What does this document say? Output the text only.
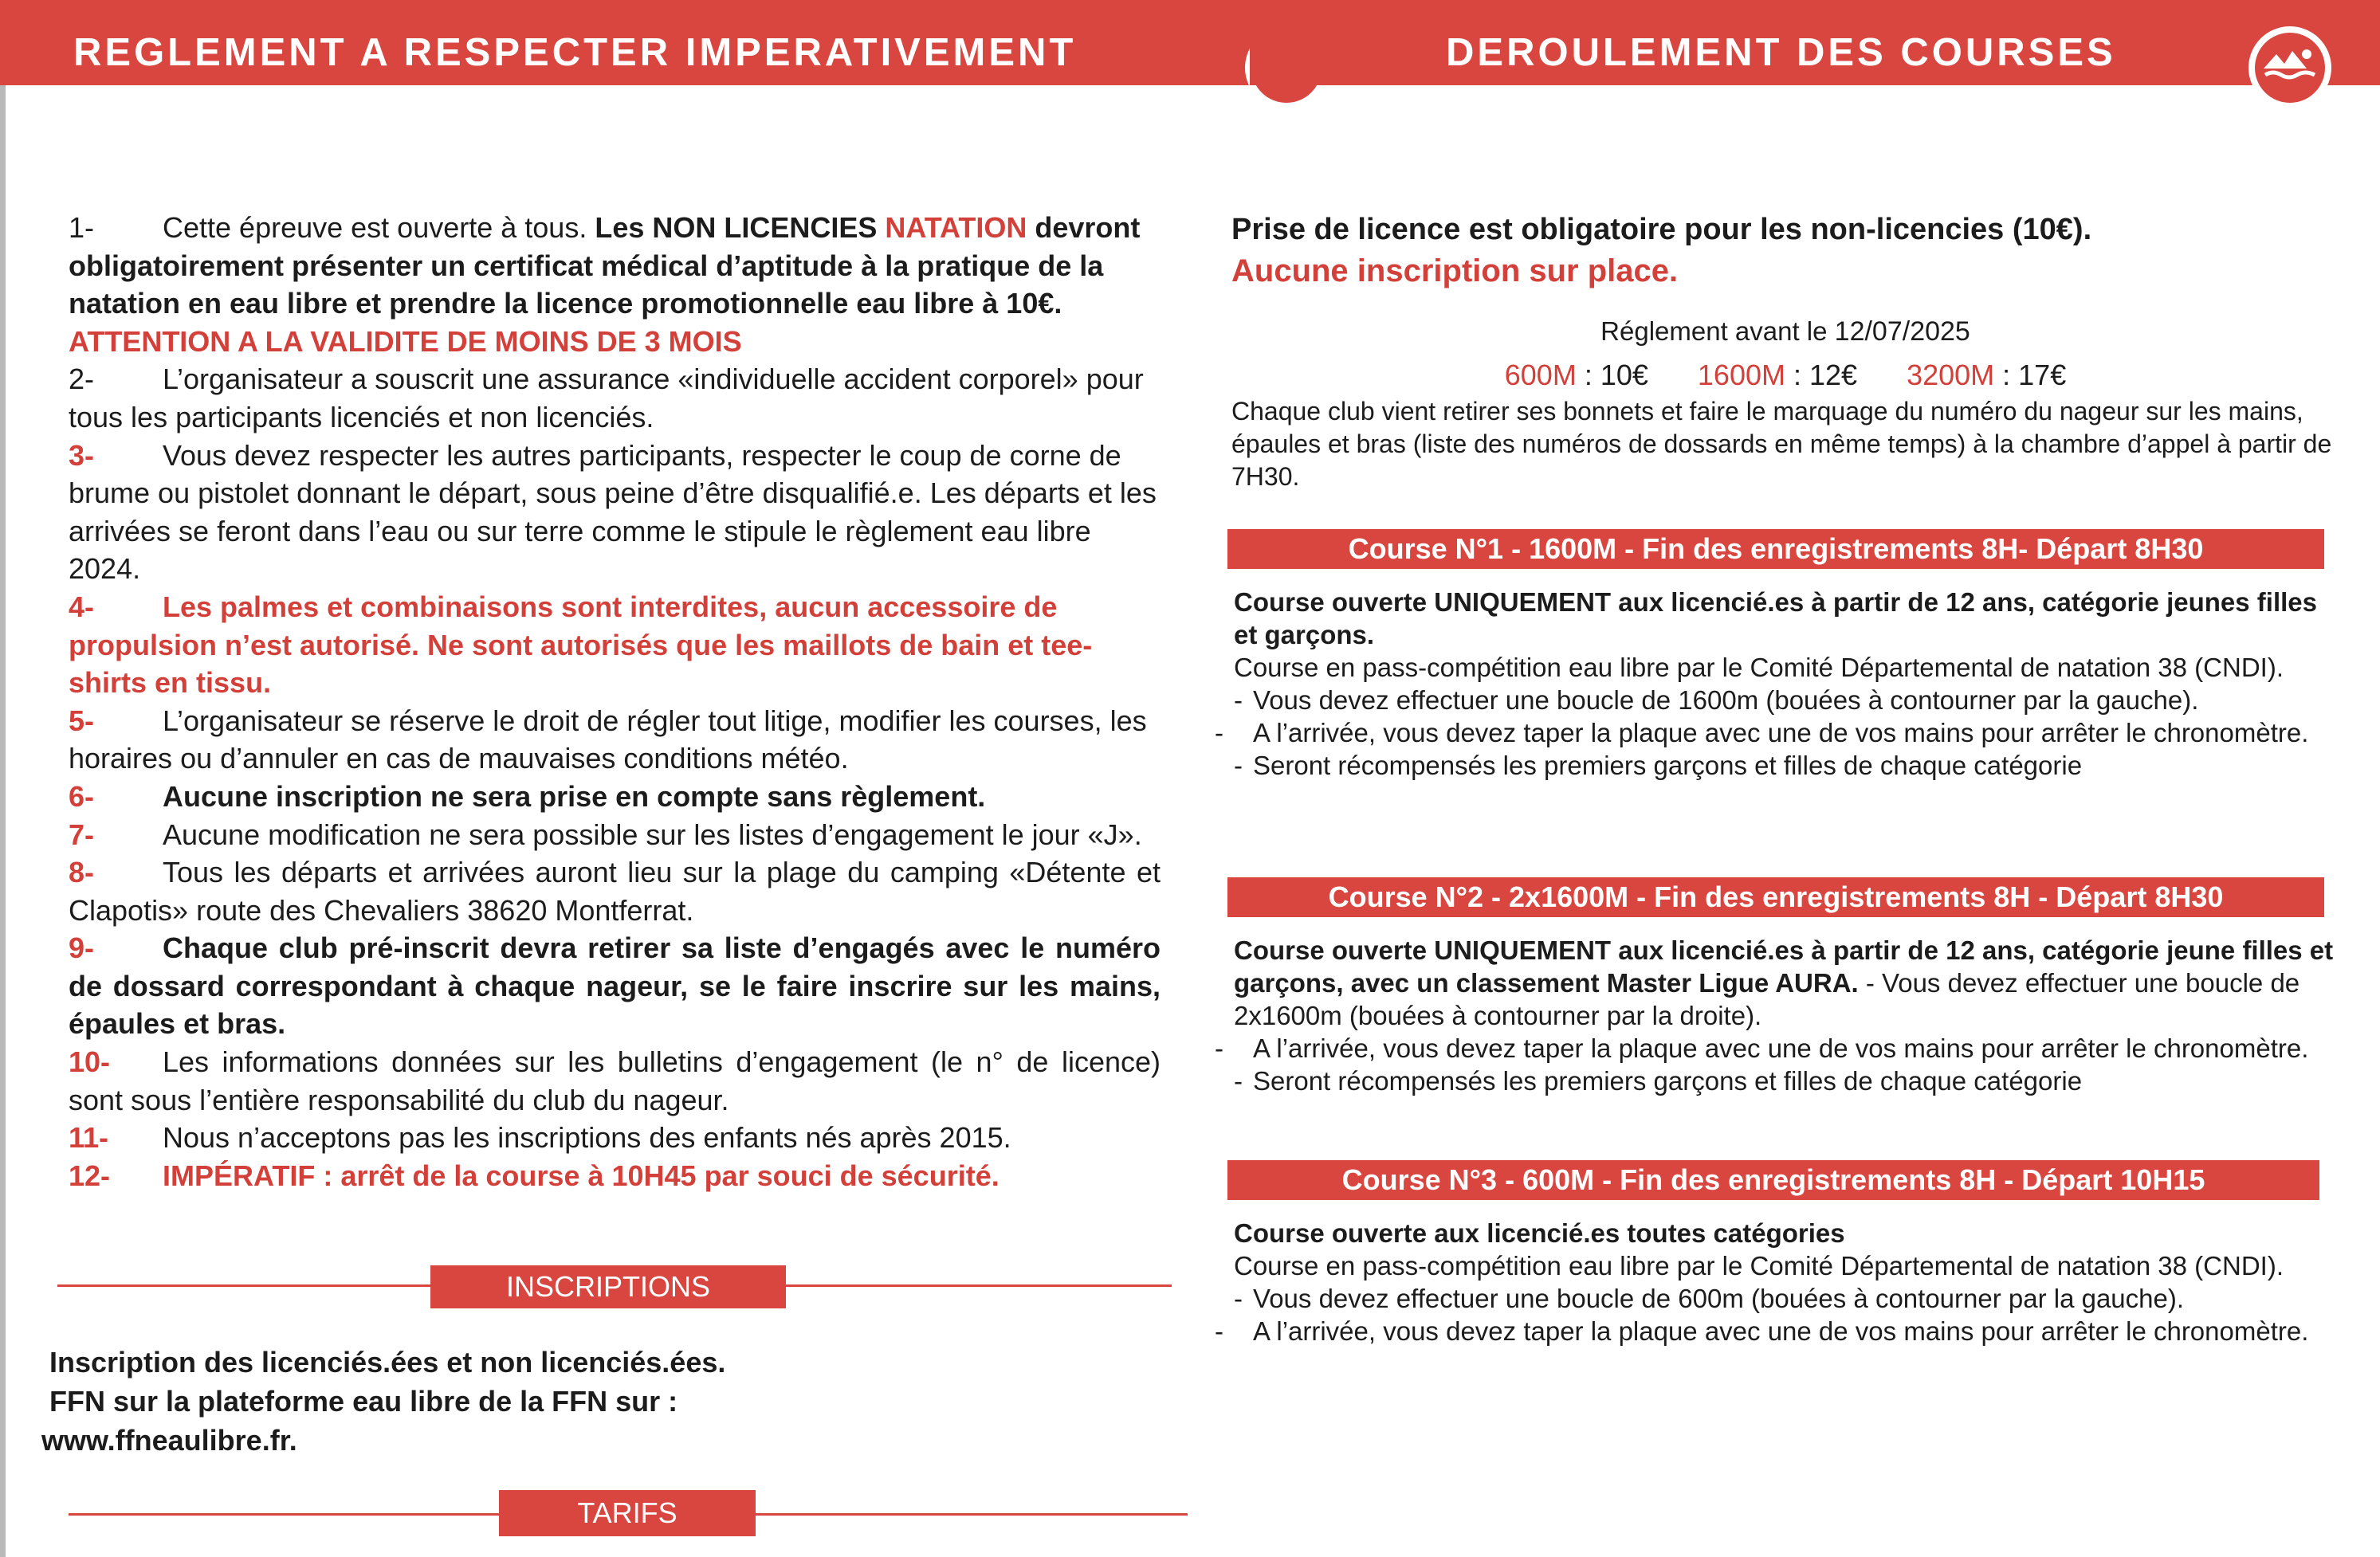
REGLEMENT A RESPECTER IMPERATIVEMENT	DEROULEMENT DES COURSES
1- Cette épreuve est ouverte à tous. Les NON LICENCIES NATATION devront obligatoirement présenter un certificat médical d’aptitude à la pratique de la natation en eau libre et prendre la licence promotionnelle eau libre à 10€.
ATTENTION A LA VALIDITE DE MOINS DE 3 MOIS
2- L’organisateur a souscrit une assurance «individuelle accident corporel» pour tous les participants licenciés et non licenciés.
3- Vous devez respecter les autres participants, respecter le coup de corne de brume ou pistolet donnant le départ, sous peine d’être disqualifié.e. Les départs et les arrivées se feront dans l’eau ou sur terre comme le stipule le règlement eau libre 2024.
4- Les palmes et combinaisons sont interdites, aucun accessoire de propulsion n’est autorisé. Ne sont autorisés que les maillots de bain et tee-shirts en tissu.
5- L’organisateur se réserve le droit de régler tout litige, modifier les courses, les horaires ou d’annuler en cas de mauvaises conditions météo.
6- Aucune inscription ne sera prise en compte sans règlement.
7- Aucune modification ne sera possible sur les listes d’engagement le jour «J».
8- Tous les départs et arrivées auront lieu sur la plage du camping «Détente et Clapotis» route des Chevaliers 38620 Montferrat.
9- Chaque club pré-inscrit devra retirer sa liste d’engagés avec le numéro de dossard correspondant à chaque nageur, se le faire inscrire sur les mains, épaules et bras.
10- Les informations données sur les bulletins d’engagement (le n° de licence) sont sous l’entière responsabilité du club du nageur.
11- Nous n’acceptons pas les inscriptions des enfants nés après 2015.
12- IMPÉRATIF : arrêt de la course à 10H45 par souci de sécurité.
INSCRIPTIONS
Inscription des licenciés.ées et non licenciés.ées.
FFN sur la plateforme eau libre de la FFN sur :
www.ffneaulibre.fr.
TARIFS
Prise de licence est obligatoire pour les non-licencies (10€).
Aucune inscription sur place.
Réglement avant le 12/07/2025
600M : 10€ 1600M : 12€ 3200M : 17€
Chaque club vient retirer ses bonnets et faire le marquage du numéro du nageur sur les mains, épaules et bras (liste des numéros de dossards en même temps) à la chambre d’appel à partir de 7H30.
Course N°1 - 1600M - Fin des enregistrements 8H- Départ 8H30
Course ouverte UNIQUEMENT aux licencié.es à partir de 12 ans, catégorie jeunes filles et garçons.
Course en pass-compétition eau libre par le Comité Départemental de natation 38 (CNDI).
- Vous devez effectuer une boucle de 1600m (bouées à contourner par la gauche).
- A l’arrivée, vous devez taper la plaque avec une de vos mains pour arrêter le chronomètre.
- Seront récompensés les premiers garçons et filles de chaque catégorie
Course N°2 - 2x1600M - Fin des enregistrements 8H - Départ 8H30
Course ouverte UNIQUEMENT aux licencié.es à partir de 12 ans, catégorie jeune filles et garçons, avec un classement Master Ligue AURA. - Vous devez effectuer une boucle de 2x1600m (bouées à contourner par la droite).
- A l’arrivée, vous devez taper la plaque avec une de vos mains pour arrêter le chronomètre.
- Seront récompensés les premiers garçons et filles de chaque catégorie
Course N°3 - 600M - Fin des enregistrements 8H - Départ 10H15
Course ouverte aux licencié.es toutes catégories
Course en pass-compétition eau libre par le Comité Départemental de natation 38 (CNDI).
- Vous devez effectuer une boucle de 600m (bouées à contourner par la gauche).
- A l’arrivée, vous devez taper la plaque avec une de vos mains pour arrêter le chronomètre.
